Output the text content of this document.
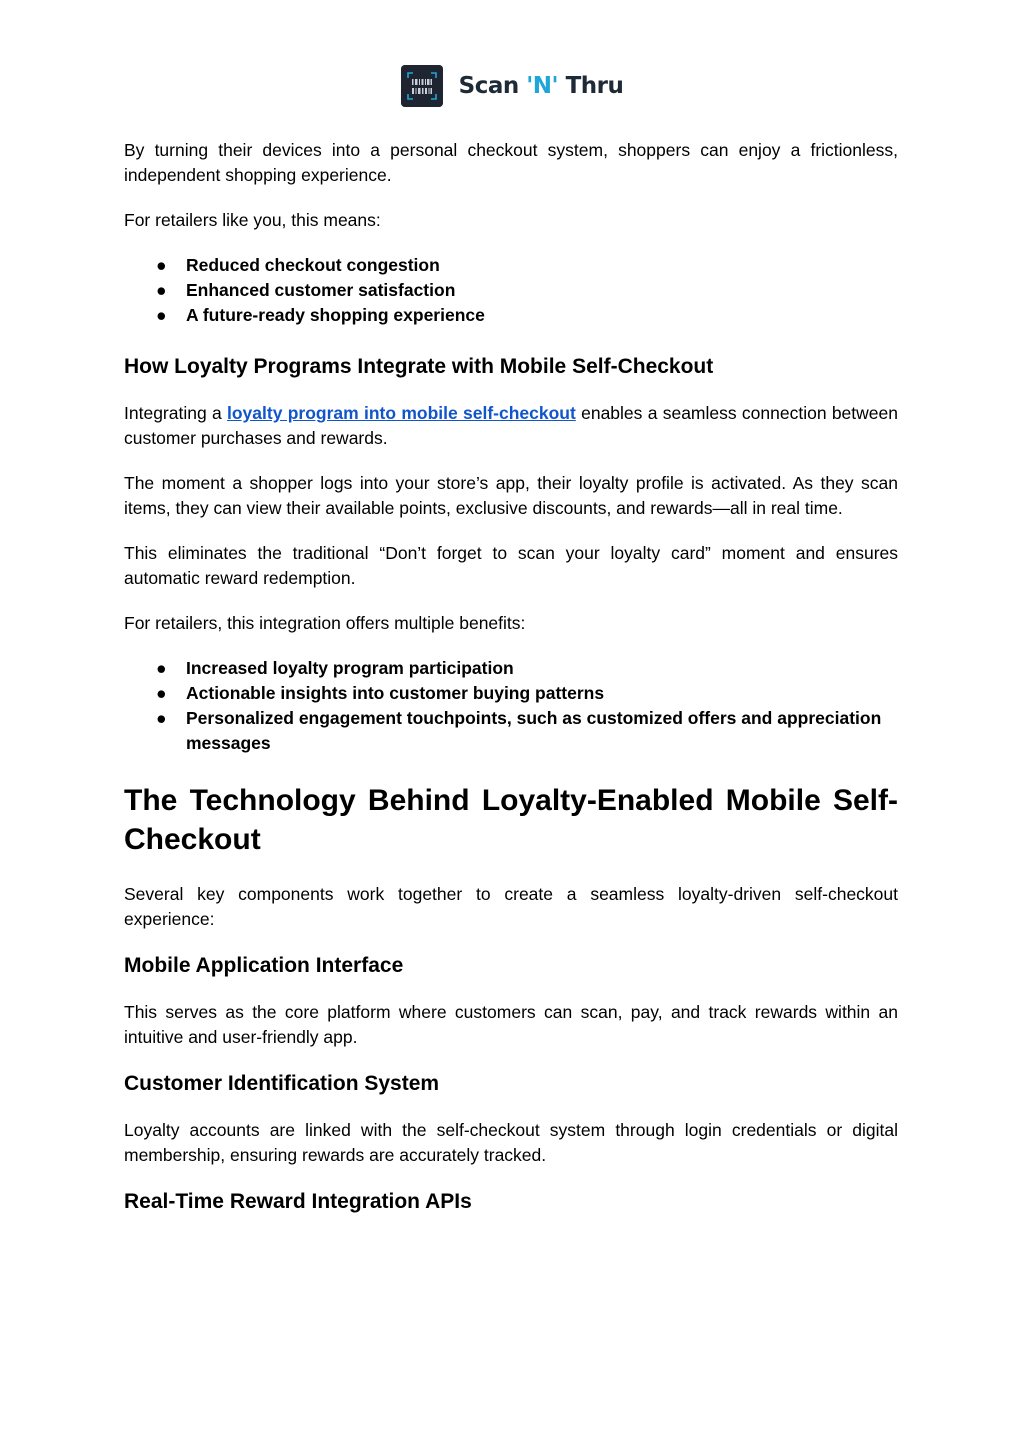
Scan 'N' Thru

By turning their devices into a personal checkout system, shoppers can enjoy a frictionless, independent shopping experience.

For retailers like you, this means:

● Reduced checkout congestion
● Enhanced customer satisfaction
● A future-ready shopping experience
How Loyalty Programs Integrate with Mobile Self-Checkout

Integrating a loyalty program into mobile self-checkout enables a seamless connection between customer purchases and rewards.

The moment a shopper logs into your store’s app, their loyalty profile is activated. As they scan items, they can view their available points, exclusive discounts, and rewards—all in real time.

This eliminates the traditional “Don’t forget to scan your loyalty card” moment and ensures automatic reward redemption.

For retailers, this integration offers multiple benefits:

● Increased loyalty program participation
● Actionable insights into customer buying patterns
● Personalized engagement touchpoints, such as customized offers and appreciation messages
The Technology Behind Loyalty-Enabled Mobile Self-Checkout

Several key components work together to create a seamless loyalty-driven self-checkout experience:

Mobile Application Interface

This serves as the core platform where customers can scan, pay, and track rewards within an intuitive and user-friendly app.

Customer Identification System

Loyalty accounts are linked with the self-checkout system through login credentials or digital membership, ensuring rewards are accurately tracked.

Real-Time Reward Integration APIs
